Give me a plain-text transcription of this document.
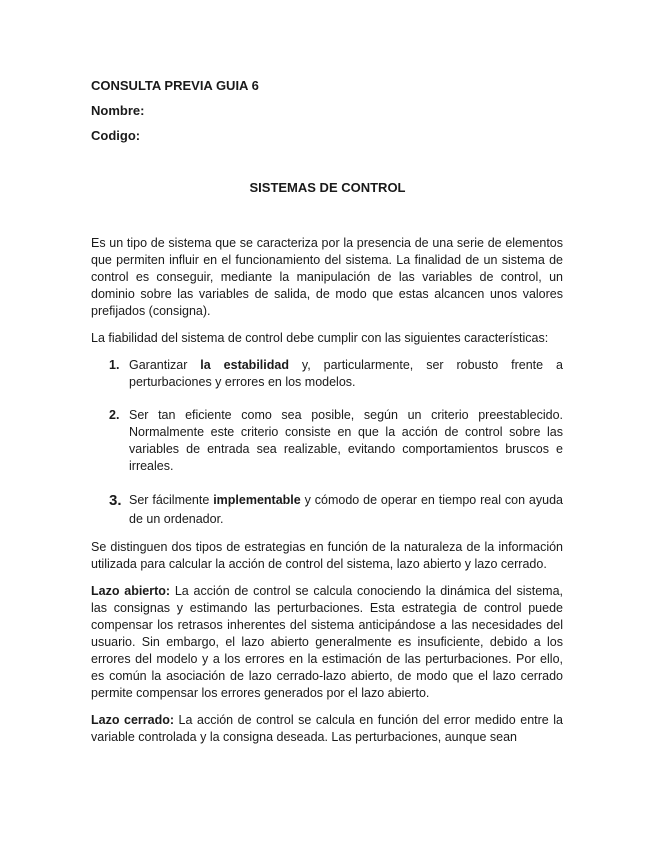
CONSULTA PREVIA GUIA 6

Nombre:

Codigo:

SISTEMAS DE CONTROL

Es un tipo de sistema que se caracteriza por la presencia de una serie de elementos que permiten influir en el funcionamiento del sistema. La finalidad de un sistema de control es conseguir, mediante la manipulación de las variables de control, un dominio sobre las variables de salida, de modo que estas alcancen unos valores prefijados (consigna).

La fiabilidad del sistema de control debe cumplir con las siguientes características:

1. Garantizar la estabilidad y, particularmente, ser robusto frente a perturbaciones y errores en los modelos.
2. Ser tan eficiente como sea posible, según un criterio preestablecido. Normalmente este criterio consiste en que la acción de control sobre las variables de entrada sea realizable, evitando comportamientos bruscos e irreales.
3. Ser fácilmente implementable y cómodo de operar en tiempo real con ayuda de un ordenador.

Se distinguen dos tipos de estrategias en función de la naturaleza de la información utilizada para calcular la acción de control del sistema, lazo abierto y lazo cerrado.

Lazo abierto: La acción de control se calcula conociendo la dinámica del sistema, las consignas y estimando las perturbaciones. Esta estrategia de control puede compensar los retrasos inherentes del sistema anticipándose a las necesidades del usuario. Sin embargo, el lazo abierto generalmente es insuficiente, debido a los errores del modelo y a los errores en la estimación de las perturbaciones. Por ello, es común la asociación de lazo cerrado-lazo abierto, de modo que el lazo cerrado permite compensar los errores generados por el lazo abierto.

Lazo cerrado: La acción de control se calcula en función del error medido entre la variable controlada y la consigna deseada. Las perturbaciones, aunque sean
